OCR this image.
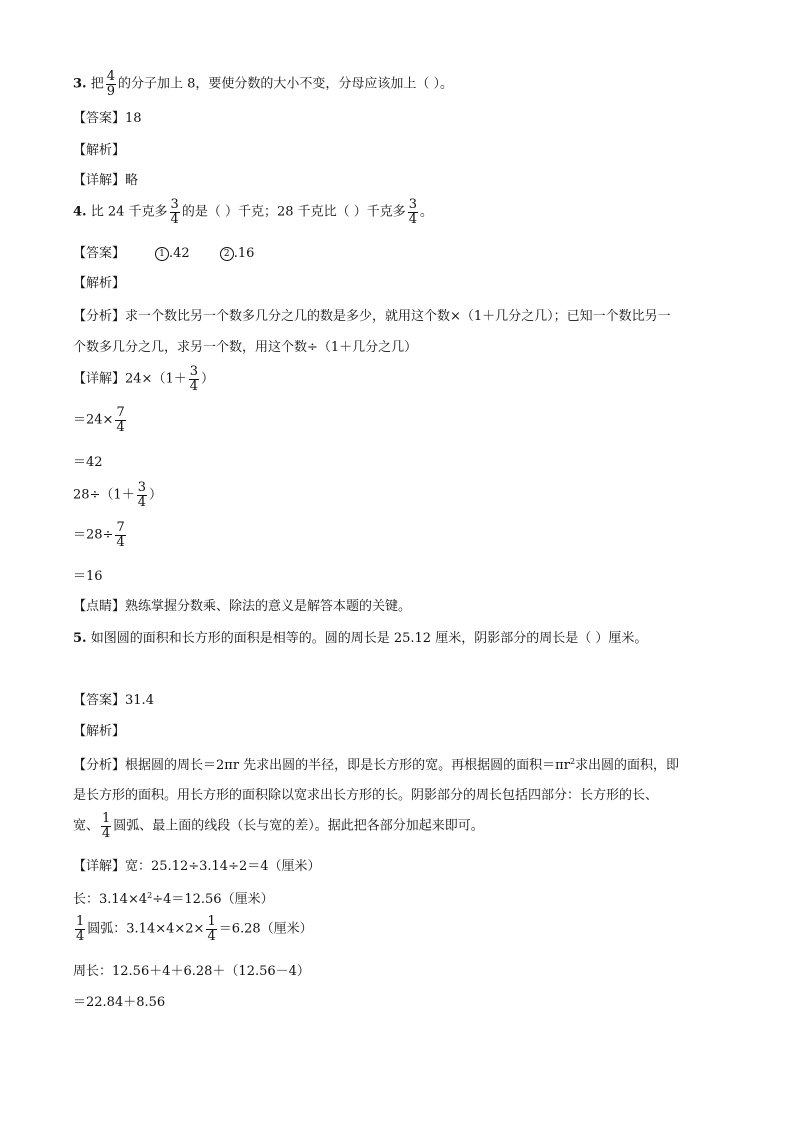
3. 把 $\frac{4}{9}$ 的分子加上 8，要使分数的大小不变，分母应该加上（ ）。
【答案】18
【解析】
【详解】略
4. 比 24 千克多 $\frac{3}{4}$ 的是（ ）千克；28 千克比（ ）千克多 $\frac{3}{4}$ 。
【答案】	1 .42	2 .16
【解析】
【分析】求一个数比另一个数多几分之几的数是多少，就用这个数×（1＋几分之几）；已知一个数比另一
个数多几分之几，求另一个数，用这个数÷（1＋几分之几）
【详解】$24\times(1+ \frac{3}{4}$ ）
$=24\times \frac{7}{4}$
＝42
$28\div(1+ \frac{3}{4}$ ）
$=28\div \frac{7}{4}$
＝16
【点睛】熟练掌握分数乘、除法的意义是解答本题的关键。
5. 如图圆的面积和长方形的面积是相等的。圆的周长是 25.12 厘米，阴影部分的周长是（ ）厘米。
【答案】31.4
【解析】
【分析】根据圆的周长＝2πr 先求出圆的半径，即是长方形的宽。再根据圆的面积$=\pi r^2$求出圆的面积，即
是长方形的面积。用长方形的面积除以宽求出长方形的长。阴影部分的周长包括四部分：长方形的长、
宽、 $\frac{1}{4}$ 圆弧、最上面的线段（长与宽的差）。据此把各部分加起来即可。
【详解】宽：25.12÷3.14÷2＝4（厘米）
长：$3.14\times 4^2\div 4=12.56$（厘米）
$\frac{1}{4}$ 圆弧：$3.14\times 4\times 2\times \frac{1}{4} =6.28$（厘米）
周长：12.56＋4＋6.28＋（12.56－4）
＝22.84＋8.56
